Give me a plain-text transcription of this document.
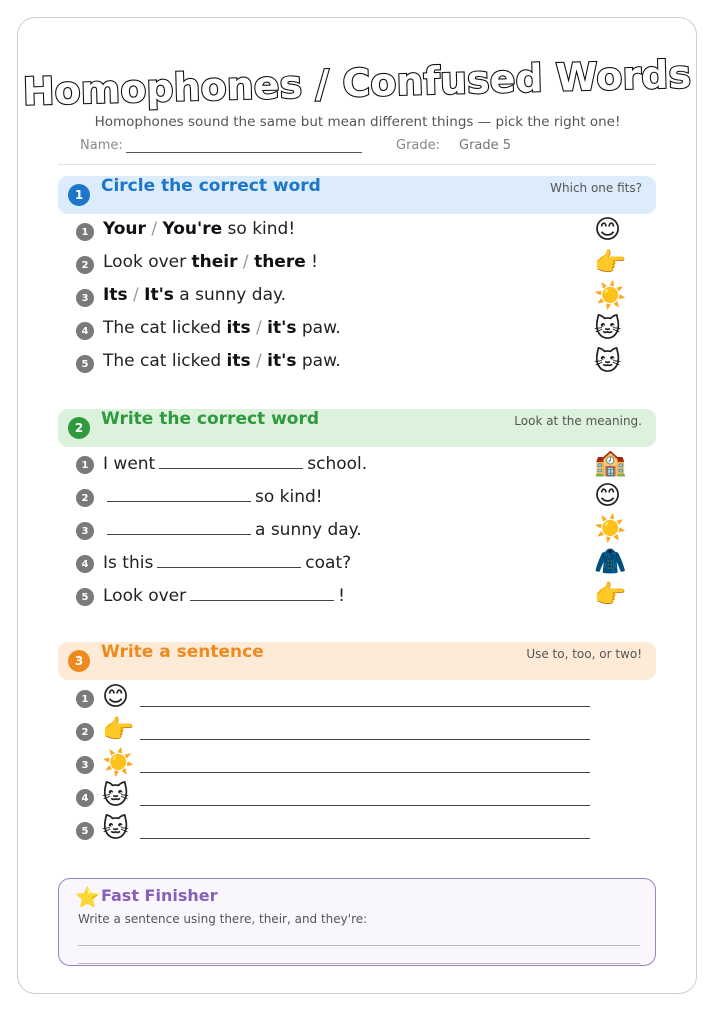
Homophones / Confused Words
Homophones sound the same but mean different things — pick the right one!
Name:	Grade: Grade 5
1	Circle the correct word	Which one fits?
1 Your / You're so kind!	😊
2 Look over their / there !	👉
3 Its / It's a sunny day.	☀️
4 The cat licked its / it's paw.	🐱
5 The cat licked its / it's paw.	🐱
2	Write the correct word	Look at the meaning.
1 I went	school.	🏫
2	so kind!	😊
3	a sunny day.	☀️
4 Is this	coat?	🧥
5 Look over	!	👉
3	Write a sentence	Use to, too, or two!
1 😊
2 👉
3 ☀️
4 🐱
5 🐱
⭐ Fast Finisher
Write a sentence using there, their, and they're:
